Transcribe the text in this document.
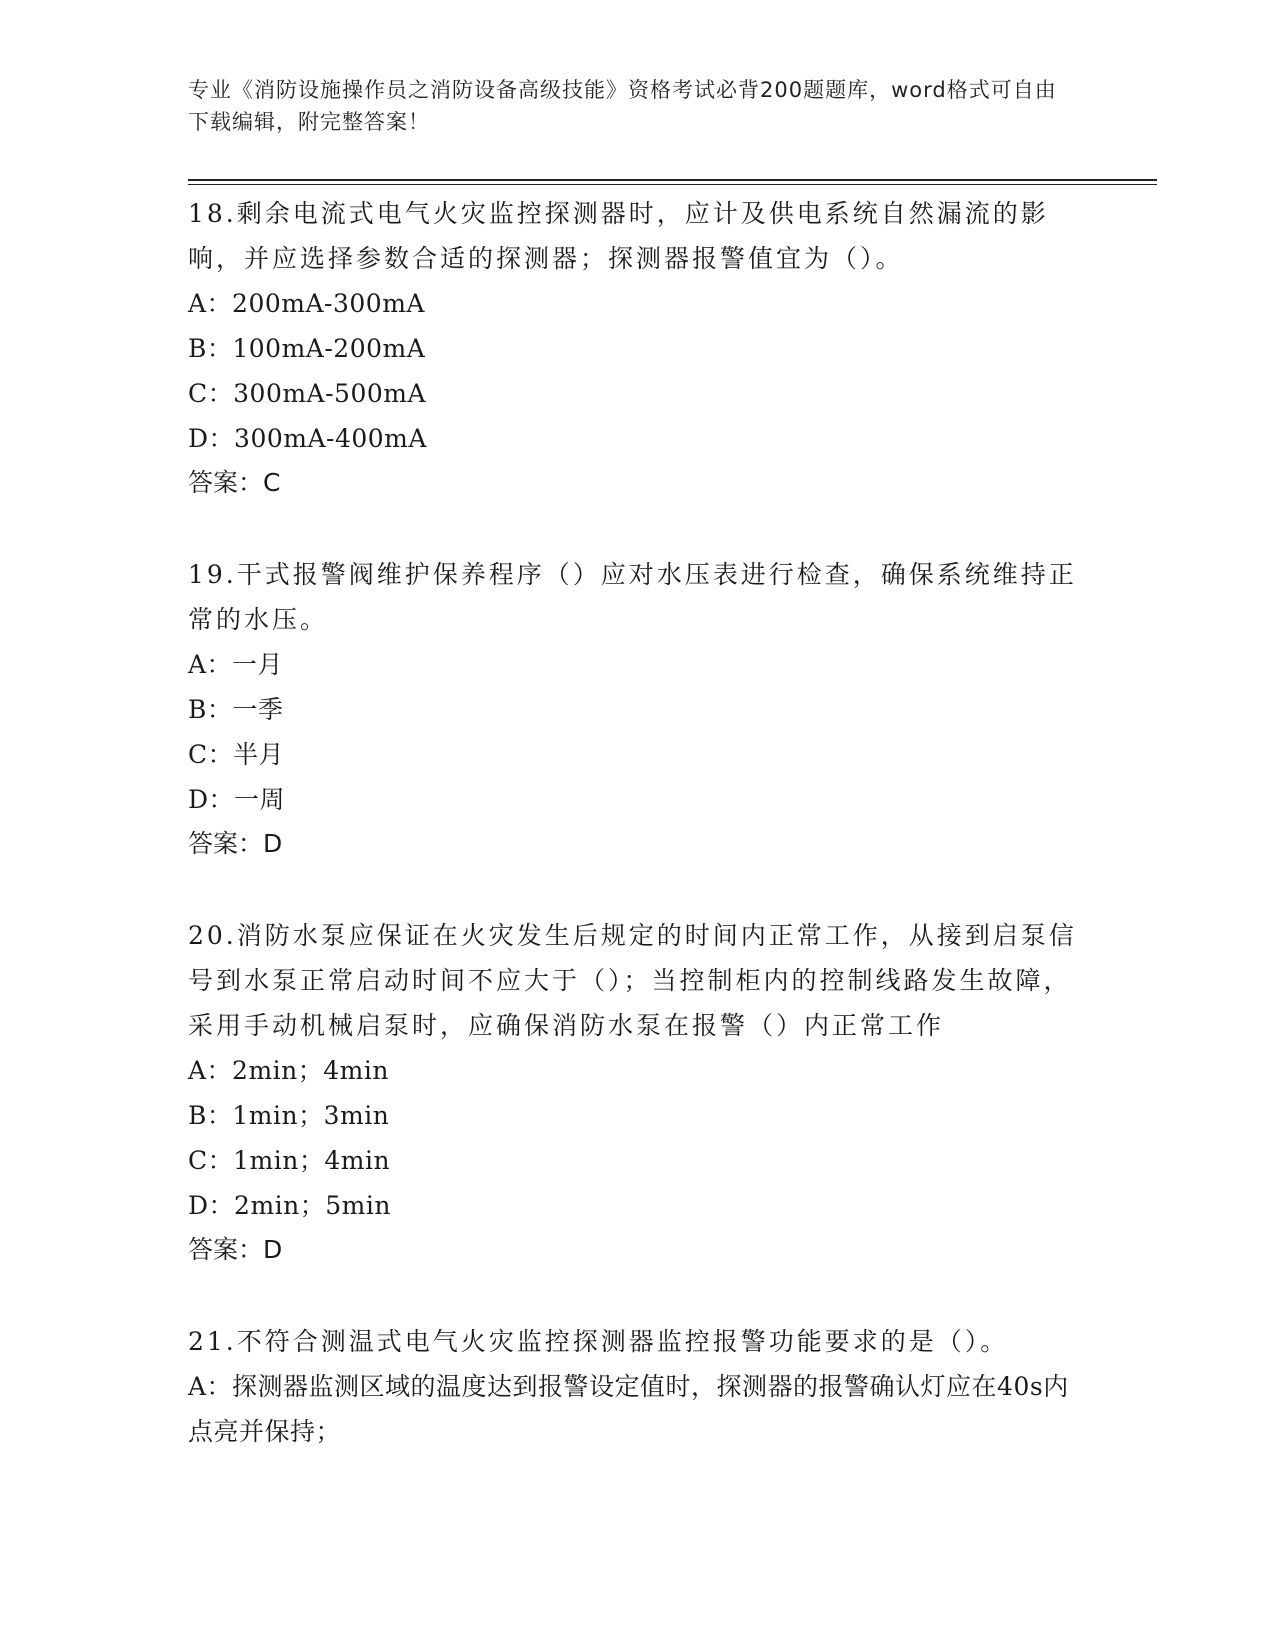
专业《消防设施操作员之消防设备高级技能》资格考试必背200题题库，word格式可自由下载编辑，附完整答案！
18.剩余电流式电气火灾监控探测器时，应计及供电系统自然漏流的影响，并应选择参数合适的探测器；探测器报警值宜为（）。
A：200mA-300mA
B：100mA-200mA
C：300mA-500mA
D：300mA-400mA
答案：C
19.干式报警阀维护保养程序（）应对水压表进行检查，确保系统维持正常的水压。
A：一月
B：一季
C：半月
D：一周
答案：D
20.消防水泵应保证在火灾发生后规定的时间内正常工作，从接到启泵信号到水泵正常启动时间不应大于（）；当控制柜内的控制线路发生故障，采用手动机械启泵时，应确保消防水泵在报警（）内正常工作
A：2min；4min
B：1min；3min
C：1min；4min
D：2min；5min
答案：D
21.不符合测温式电气火灾监控探测器监控报警功能要求的是（）。
A：探测器监测区域的温度达到报警设定值时，探测器的报警确认灯应在40s内点亮并保持；
